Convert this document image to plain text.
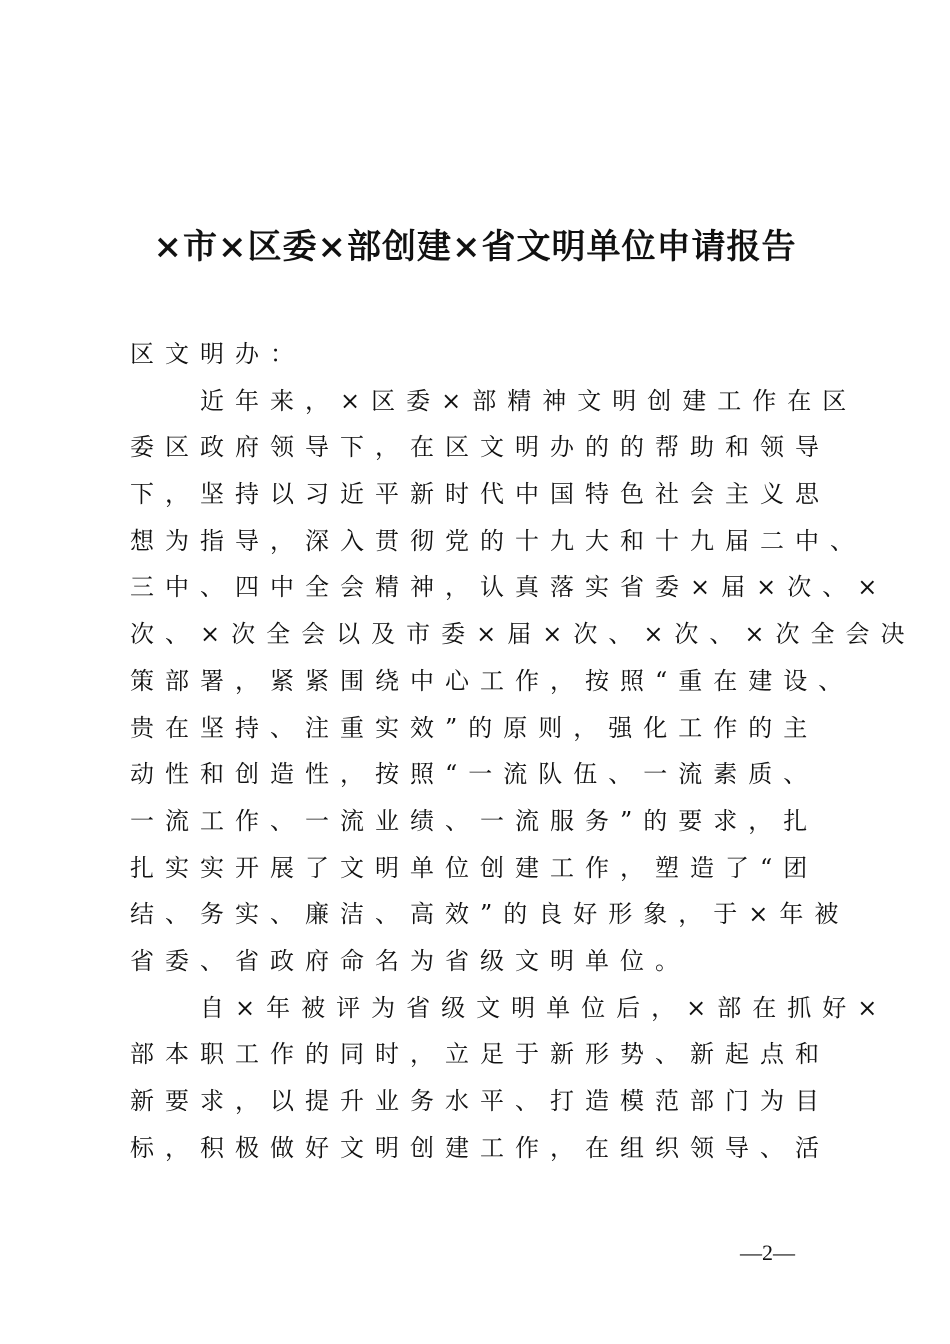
×市×区委×部创建×省文明单位申请报告
区文明办：
近年来，×区委×部精神文明创建工作在区
委区政府领导下，在区文明办的的帮助和领导
下，坚持以习近平新时代中国特色社会主义思
想为指导，深入贯彻党的十九大和十九届二中、
三中、四中全会精神，认真落实省委×届×次、×
次、×次全会以及市委×届×次、×次、×次全会决
策部署，紧紧围绕中心工作，按照“重在建设、
贵在坚持、注重实效”的原则，强化工作的主
动性和创造性，按照“一流队伍、一流素质、
一流工作、一流业绩、一流服务”的要求，扎
扎实实开展了文明单位创建工作，塑造了“团
结、务实、廉洁、高效”的良好形象，于×年被
省委、省政府命名为省级文明单位。
自×年被评为省级文明单位后，×部在抓好×
部本职工作的同时，立足于新形势、新起点和
新要求，以提升业务水平、打造模范部门为目
标，积极做好文明创建工作，在组织领导、活
—2—
